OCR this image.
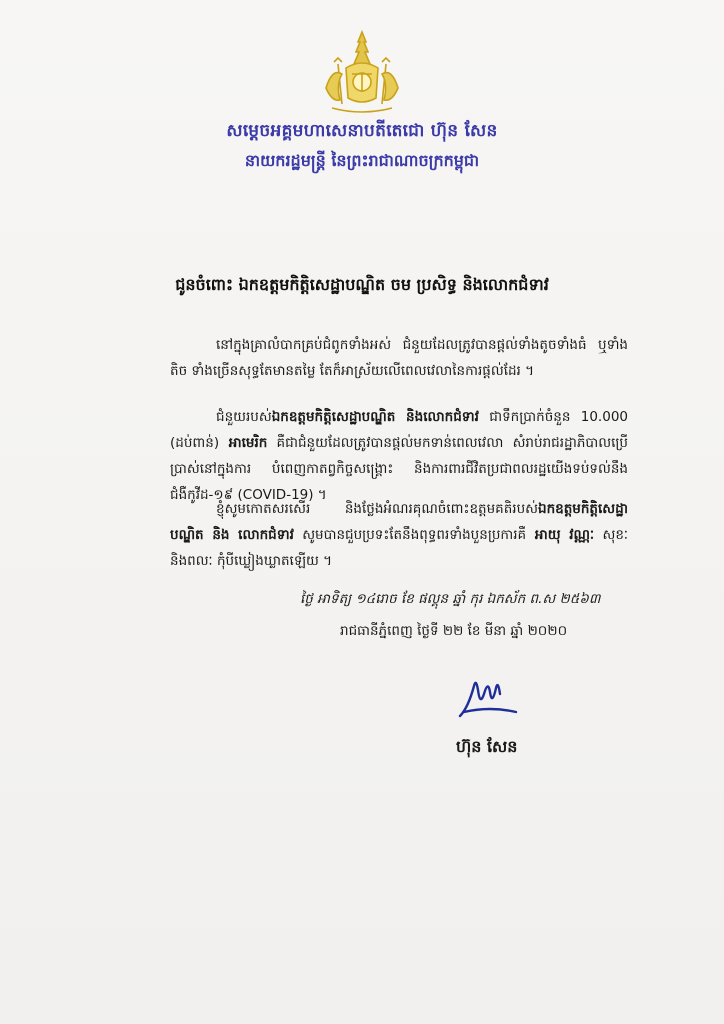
សម្តេចអគ្គមហាសេនាបតីតេជោ ហ៊ុន សែន
នាយករដ្ឋមន្ត្រី នៃព្រះរាជាណាចក្រកម្ពុជា
ជូនចំពោះ ឯកឧត្តមកិត្តិសេដ្ឋាបណ្ឌិត ចម ប្រសិទ្ធ និងលោកជំទាវ
នៅក្នុងគ្រាលំបាកគ្រប់ជំពូកទាំងអស់ ជំនួយដែលត្រូវបានផ្តល់ទាំងតូចទាំងធំ ឬទាំងតិច ទាំងច្រើនសុទ្ធតែមានតម្លៃ តែក៏អាស្រ័យលើពេលវេលានៃការផ្តល់ដែរ ។
ជំនួយរបស់ឯកឧត្តមកិត្តិសេដ្ឋាបណ្ឌិត និងលោកជំទាវ ជាទឹកប្រាក់ចំនួន 10.000 (ដប់ពាន់) អាមេរិក គឺជាជំនួយដែលត្រូវបានផ្តល់មកទាន់ពេលវេលា សំរាប់រាជរដ្ឋាភិបាលប្រើប្រាស់នៅក្នុងការ បំពេញកាតព្វកិច្ចសង្គ្រោះ និងការពារជីវិតប្រជាពលរដ្ឋយើងទប់ទល់នឹងជំងឺកូវីដ-១៩ (COVID-19) ។
ខ្ញុំសូមកោតសរសើរ និងថ្លែងអំណរគុណចំពោះឧត្តមគតិរបស់ឯកឧត្តមកិត្តិសេដ្ឋាបណ្ឌិត និង លោកជំទាវ សូមបានជួបប្រទះតែនឹងពុទ្ធពរទាំងបួនប្រការគឺ អាយុ វណ្ណៈ សុខៈ និងពលៈ កុំបីឃ្លៀងឃ្លាតឡើយ ។
ថ្ងៃ អាទិត្យ ១៤រោច ខែ ផល្គុន ឆ្នាំ កុរ ឯកស័ក ព.ស ២៥៦៣
រាជធានីភ្នំពេញ ថ្ងៃទី ២២ ខែ មីនា ឆ្នាំ ២០២០
ហ៊ុន សែន
